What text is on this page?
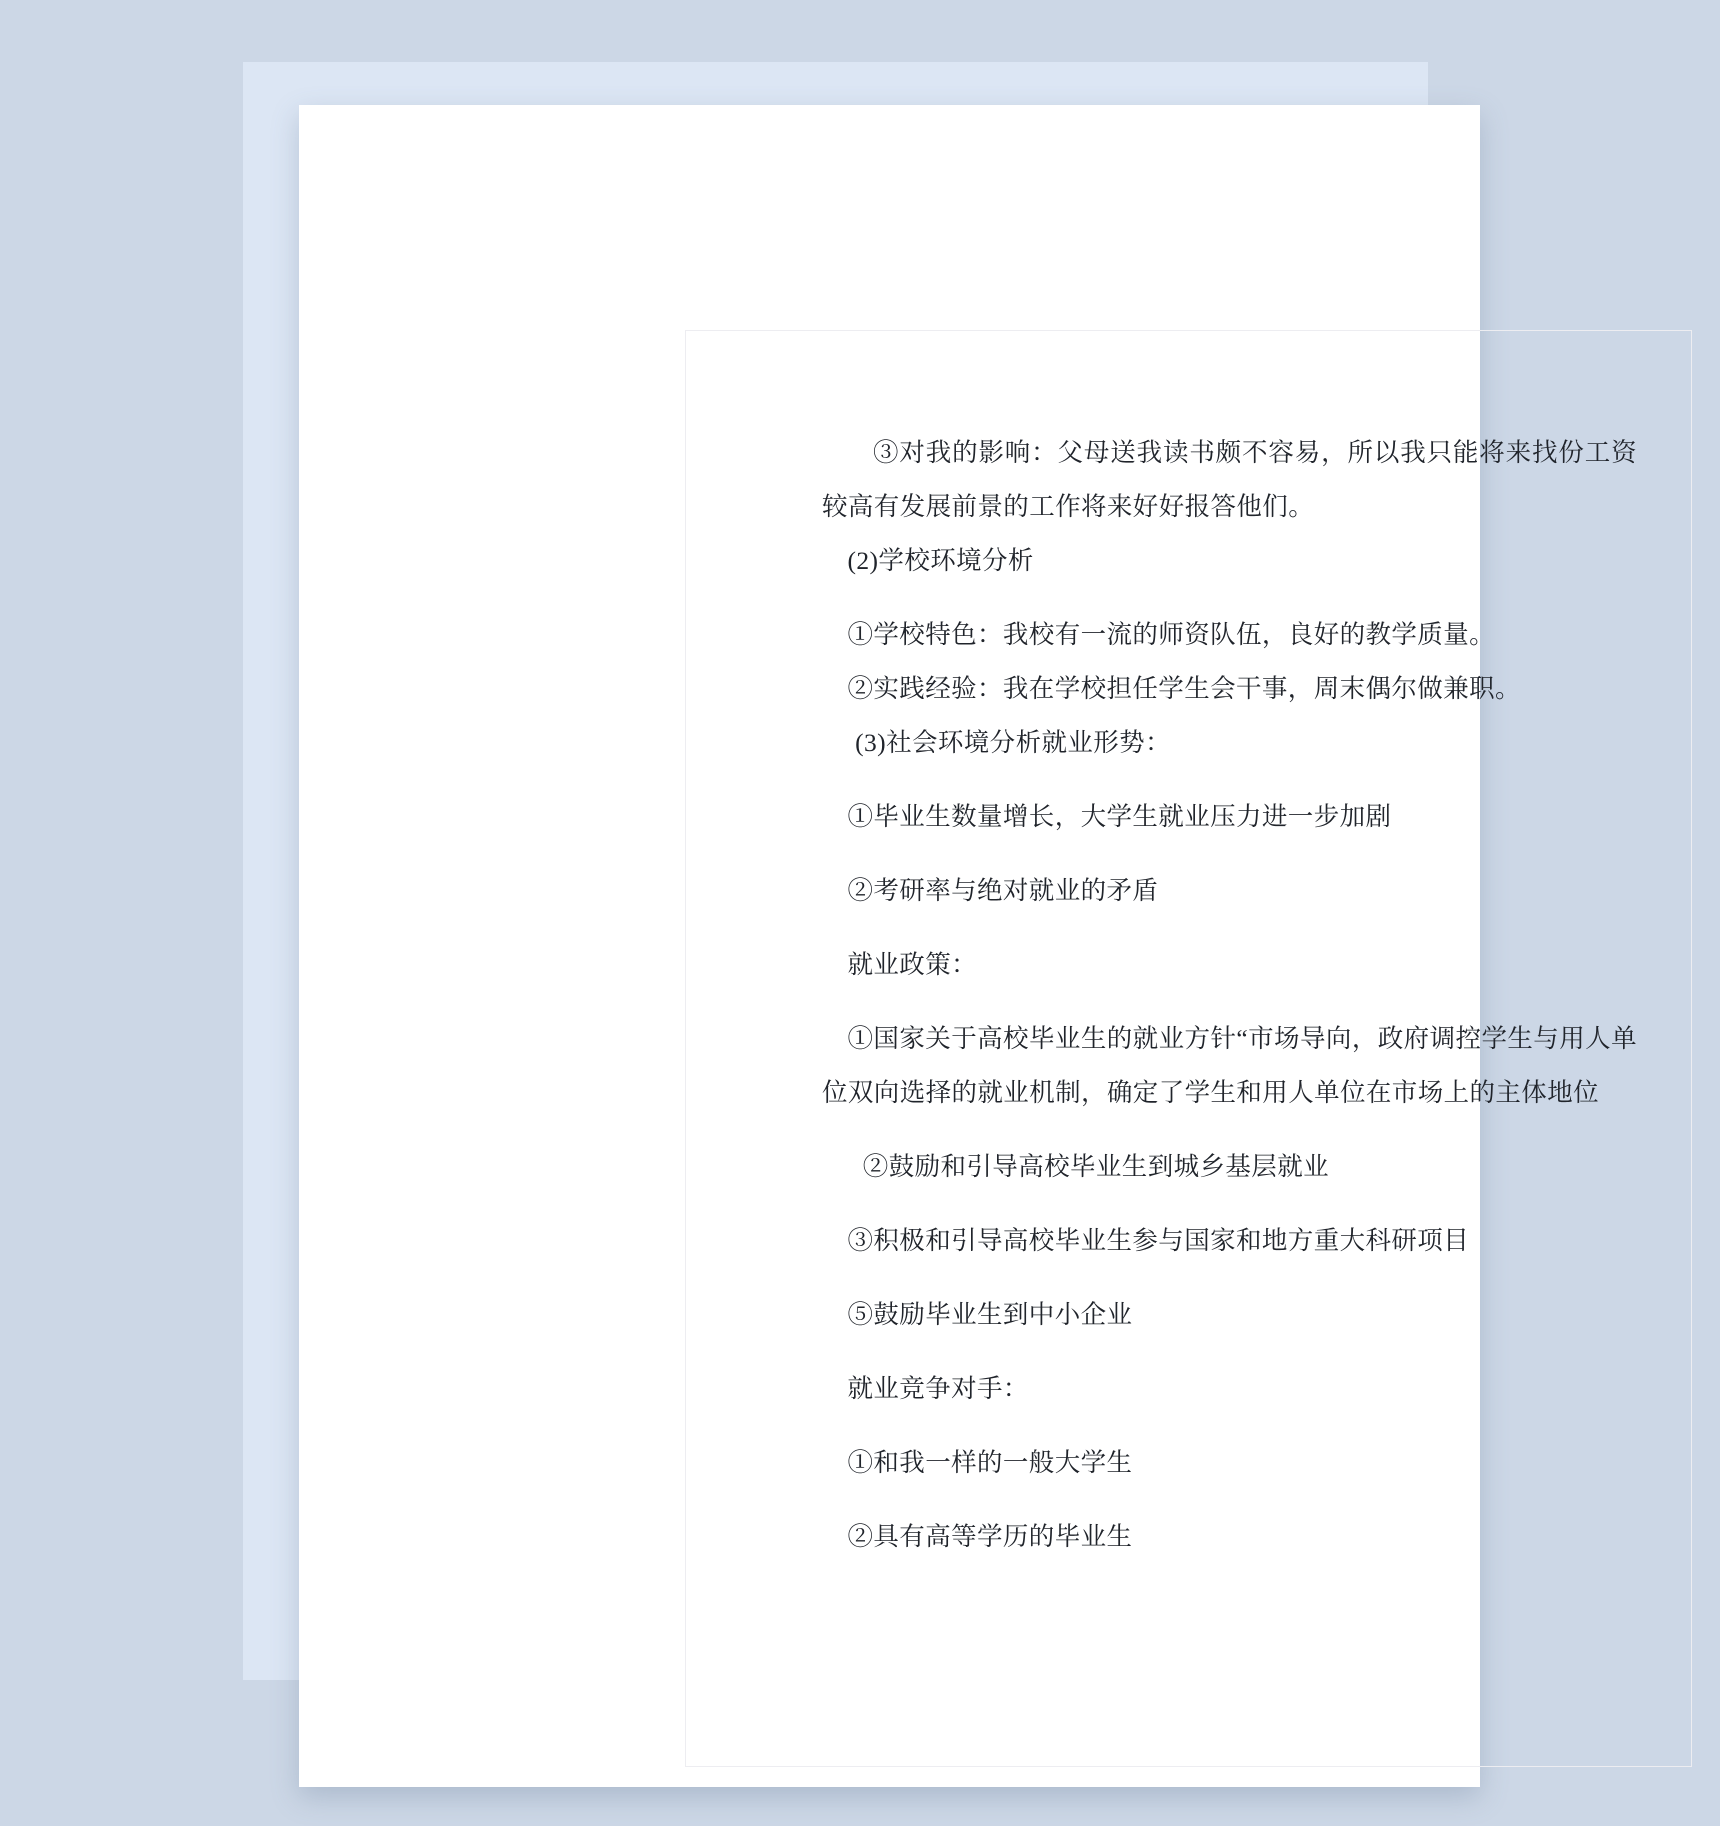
③对我的影响：父母送我读书颇不容易，所以我只能将来找份工资较高有发展前景的工作将来好好报答他们。

(2)学校环境分析

①学校特色：我校有一流的师资队伍，良好的教学质量。

②实践经验：我在学校担任学生会干事，周末偶尔做兼职。

(3)社会环境分析就业形势：

①毕业生数量增长，大学生就业压力进一步加剧

②考研率与绝对就业的矛盾

就业政策：

①国家关于高校毕业生的就业方针“市场导向，政府调控学生与用人单位双向选择的就业机制，确定了学生和用人单位在市场上的主体地位

②鼓励和引导高校毕业生到城乡基层就业

③积极和引导高校毕业生参与国家和地方重大科研项目

⑤鼓励毕业生到中小企业

就业竞争对手：

①和我一样的一般大学生

②具有高等学历的毕业生
